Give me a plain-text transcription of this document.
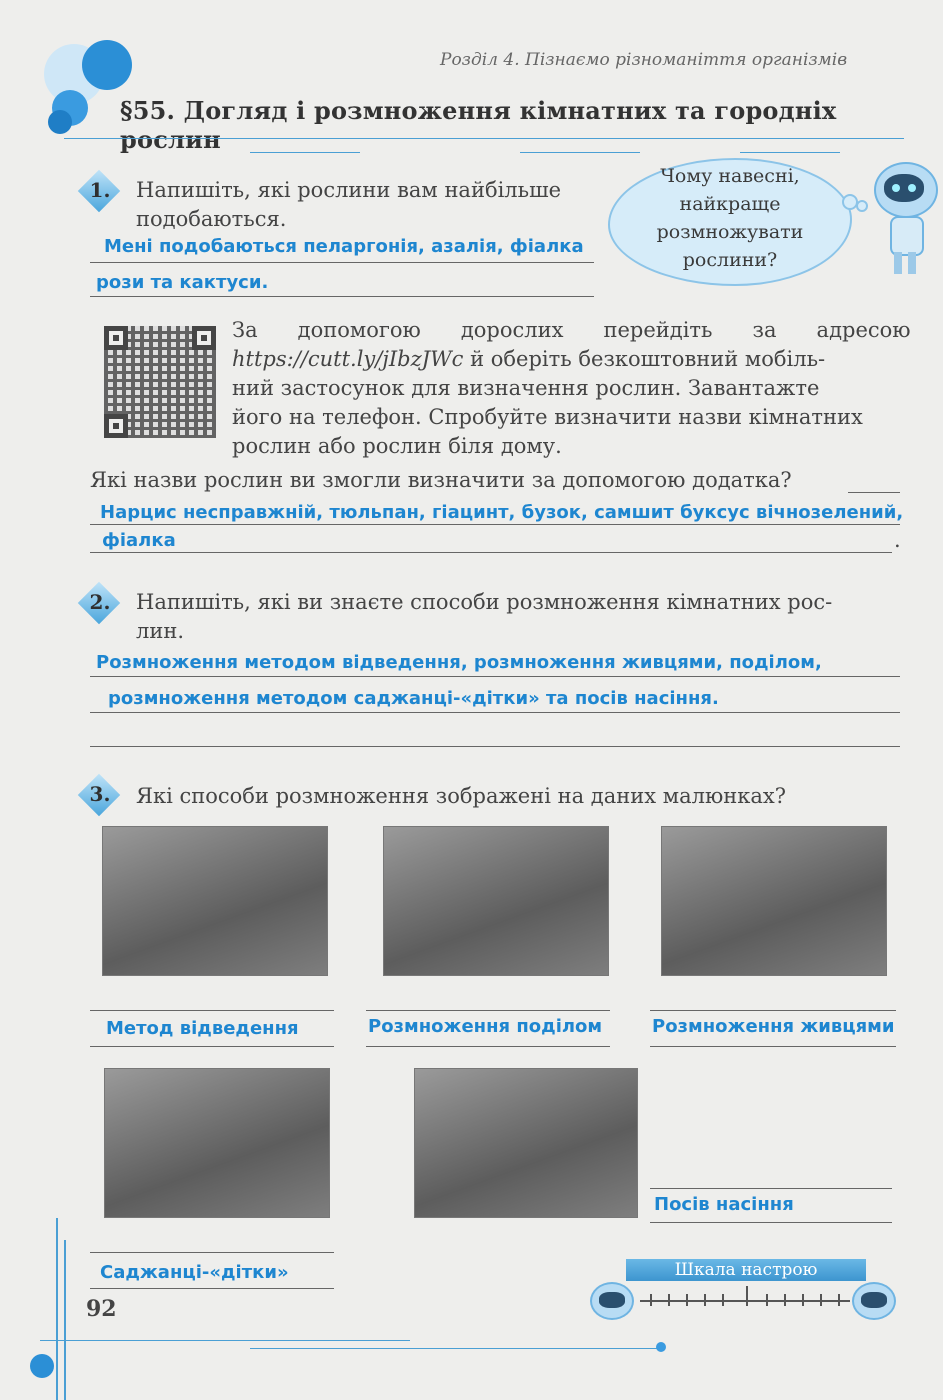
Розділ 4. Пізнаємо різноманіття організмів
§55. Догляд і розмноження кімнатних та городніх рослин
1.	Напишіть, які рослини вам найбільше
подобаються.
Мені подобаються пеларгонія, азалія, фіалка
рози та кактуси.
Чому навесні,
найкраще
розмножувати
рослини?
За      допомогою      дорослих      перейдіть      за      адресою
https://cutt.ly/jIbzJWc й оберіть безкоштовний мобіль-
ний застосунок для визначення рослин. Завантажте
його на телефон. Спробуйте визначити назви кімнатних
рослин або рослин біля дому.
Які назви рослин ви змогли визначити за допомогою додатка?
Нарцис несправжній, тюльпан, гіацинт, бузок, самшит буксус вічнозелений,
фіалка	.
2.	Напишіть, які ви знаєте способи розмноження кімнатних рос-
лин.
Розмноження методом відведення, розмноження живцями, поділом,
розмноження методом саджанці-«дітки» та посів насіння.
3.	Які способи розмноження зображені на даних малюнках?
Метод відведення	Розмноження поділом	Розмноження живцями
Посів насіння
Саджанці-«дітки»
92
Шкала настрою
